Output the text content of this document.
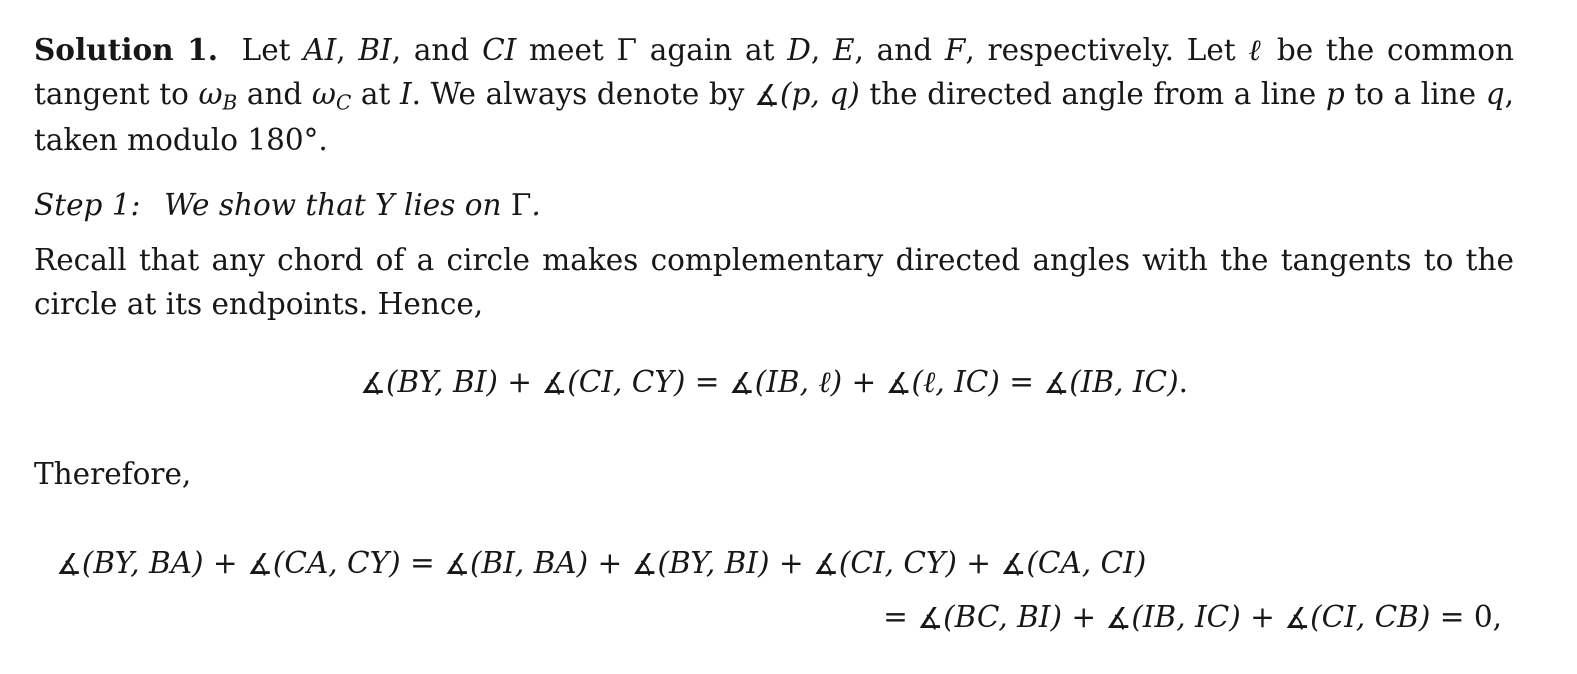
Solution 1. Let AI, BI, and CI meet Γ again at D, E, and F, respectively. Let ℓ be the common tangent to $\omega_B$ and $\omega_C$ at I. We always denote by ∡(p, q) the directed angle from a line p to a line q, taken modulo 180°.
Step 1: We show that Y lies on Γ.
Recall that any chord of a circle makes complementary directed angles with the tangents to the circle at its endpoints. Hence,
∡(BY, BI) + ∡(CI, CY) = ∡(IB, ℓ) + ∡(ℓ, IC) = ∡(IB, IC).
Therefore,
∡(BY, BA) + ∡(CA, CY) = ∡(BI, BA) + ∡(BY, BI) + ∡(CI, CY) + ∡(CA, CI)
= ∡(BC, BI) + ∡(IB, IC) + ∡(CI, CB) = 0,
